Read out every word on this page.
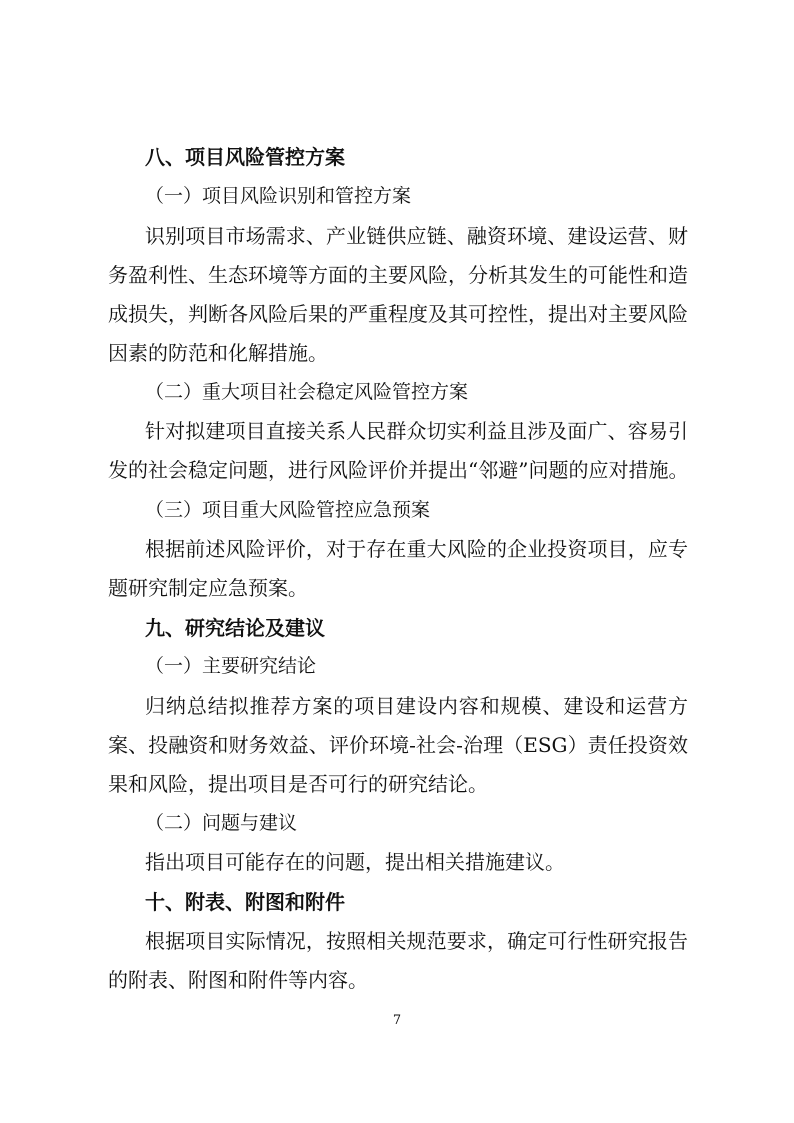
八、项目风险管控方案
（一）项目风险识别和管控方案
识别项目市场需求、产业链供应链、融资环境、建设运营、财
务盈利性、生态环境等方面的主要风险，分析其发生的可能性和造
成损失，判断各风险后果的严重程度及其可控性，提出对主要风险
因素的防范和化解措施。
（二）重大项目社会稳定风险管控方案
针对拟建项目直接关系人民群众切实利益且涉及面广、容易引
发的社会稳定问题，进行风险评价并提出“邻避”问题的应对措施。
（三）项目重大风险管控应急预案
根据前述风险评价，对于存在重大风险的企业投资项目，应专
题研究制定应急预案。
九、研究结论及建议
（一）主要研究结论
归纳总结拟推荐方案的项目建设内容和规模、建设和运营方
案、投融资和财务效益、评价环境-社会-治理（ESG）责任投资效
果和风险，提出项目是否可行的研究结论。
（二）问题与建议
指出项目可能存在的问题，提出相关措施建议。
十、附表、附图和附件
根据项目实际情况，按照相关规范要求，确定可行性研究报告
的附表、附图和附件等内容。
7
